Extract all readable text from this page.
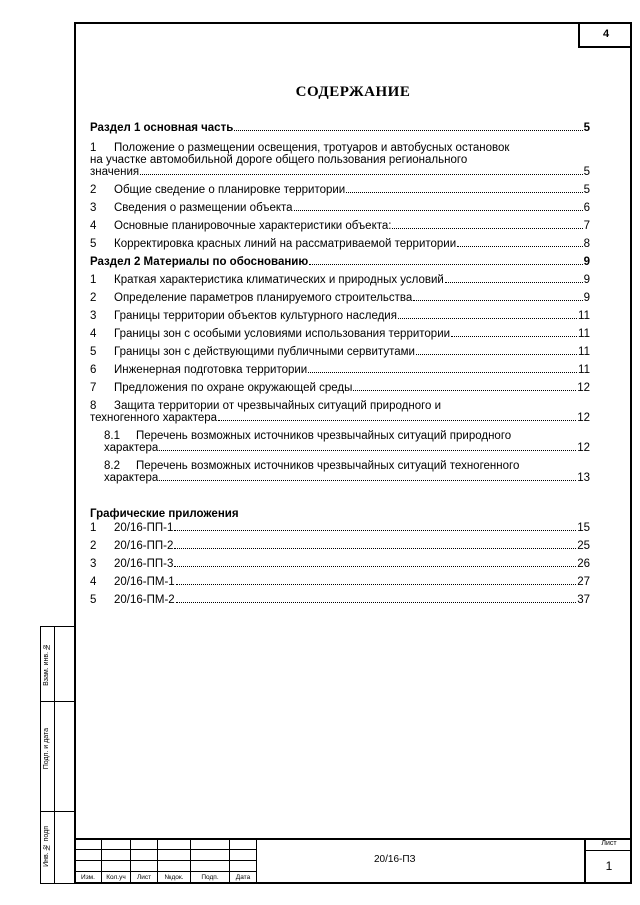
4
СОДЕРЖАНИЕ
Раздел 1 основная часть	5
1 Положение о размещении освещения, тротуаров и автобусных остановок
на участке автомобильной дороге общего пользования регионального
значения	5
2 Общие сведение о планировке территории	5
3 Сведения о размещении объекта	6
4 Основные планировочные характеристики объекта:	7
5 Корректировка красных линий на рассматриваемой территории	8
Раздел 2 Материалы по обоснованию	9
1 Краткая характеристика климатических и природных условий	9
2 Определение параметров планируемого строительства	9
3 Границы территории объектов культурного наследия	11
4 Границы зон с особыми условиями использования территории	11
5 Границы зон с действующими публичными сервитутами	11
6 Инженерная подготовка территории	11
7 Предложения по охране окружающей среды	12
8 Защита территории от чрезвычайных ситуаций природного и
техногенного характера	12
8.1 Перечень возможных источников чрезвычайных ситуаций природного
характера	12
8.2 Перечень возможных источников чрезвычайных ситуаций техногенного
характера	13
Графические приложения
1 20/16-ПП-1	15
2 20/16-ПП-2	25
3 20/16-ПП-3	26
4 20/16-ПМ-1	27
5 20/16-ПМ-2	37
Взам. инв. №
Подп. и дата
Инв. № подп

Изм.	Кол.уч	Лист	№док.	Подп.	Дата
20/16-ПЗ
Лист
1
